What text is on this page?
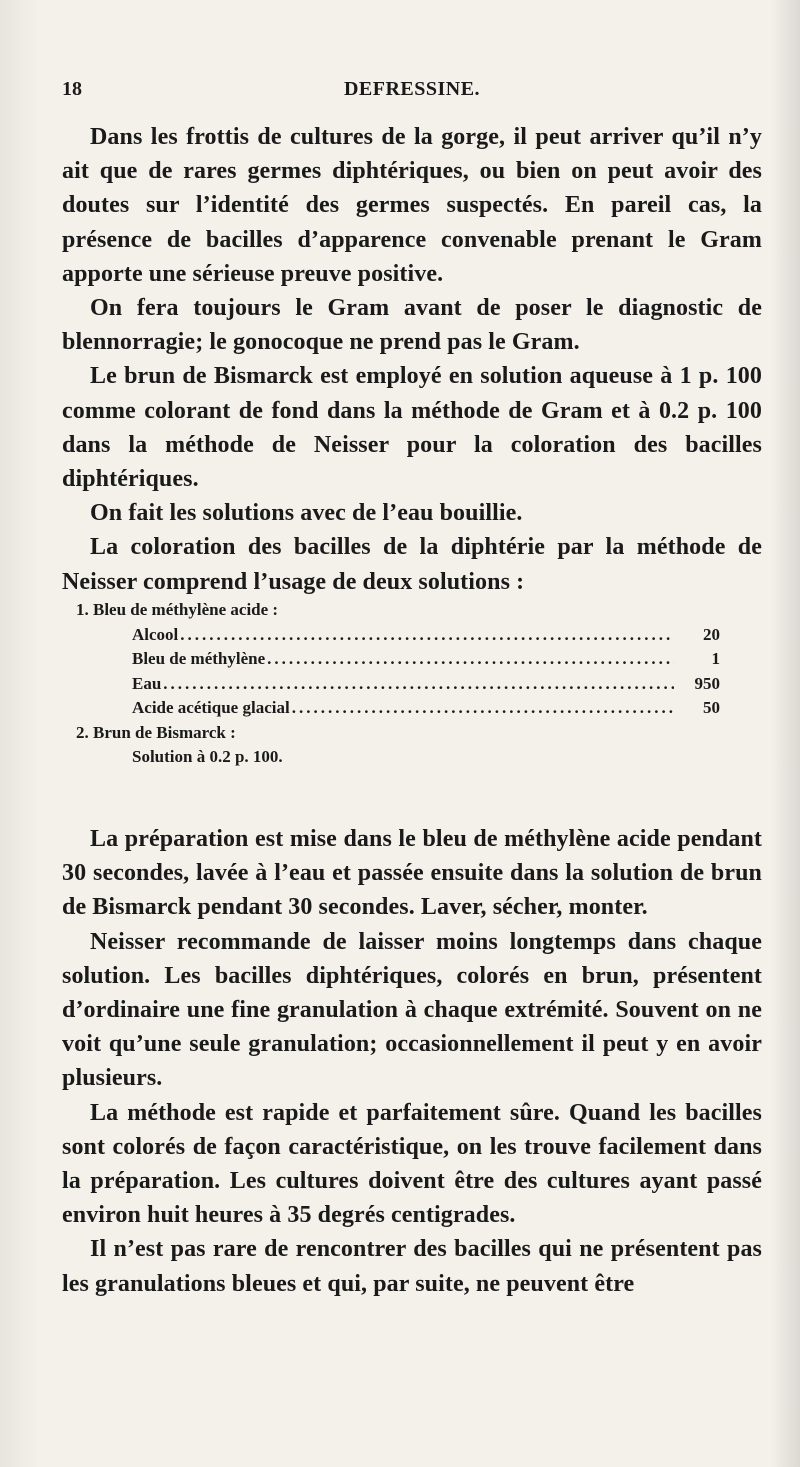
18	DEFRESSINE.

Dans les frottis de cultures de la gorge, il peut arriver qu’il n’y ait que de rares germes diphtériques, ou bien on peut avoir des doutes sur l’identité des germes suspectés. En pareil cas, la présence de bacilles d’apparence convenable prenant le Gram apporte une sérieuse preuve positive.

On fera toujours le Gram avant de poser le diagnostic de blennorragie; le gonocoque ne prend pas le Gram.

Le brun de Bismarck est employé en solution aqueuse à 1 p. 100 comme colorant de fond dans la méthode de Gram et à 0.2 p. 100 dans la méthode de Neisser pour la coloration des bacilles diphtériques.

On fait les solutions avec de l’eau bouillie.

La coloration des bacilles de la diphtérie par la méthode de Neisser comprend l’usage de deux solutions :

1. Bleu de méthylène acide :
Alcool .....	20
Bleu de méthylène .....	1
Eau .....	950
Acide acétique glacial .....	50
2. Brun de Bismarck :
Solution à 0.2 p. 100.

La préparation est mise dans le bleu de méthylène acide pendant 30 secondes, lavée à l’eau et passée ensuite dans la solution de brun de Bismarck pendant 30 secondes. Laver, sécher, monter.

Neisser recommande de laisser moins longtemps dans chaque solution. Les bacilles diphtériques, colorés en brun, présentent d’ordinaire une fine granulation à chaque extrémité. Souvent on ne voit qu’une seule granulation; occasionnellement il peut y en avoir plusieurs.

La méthode est rapide et parfaitement sûre. Quand les bacilles sont colorés de façon caractéristique, on les trouve facilement dans la préparation. Les cultures doivent être des cultures ayant passé environ huit heures à 35 degrés centigrades.

Il n’est pas rare de rencontrer des bacilles qui ne présentent pas les granulations bleues et qui, par suite, ne peuvent être
